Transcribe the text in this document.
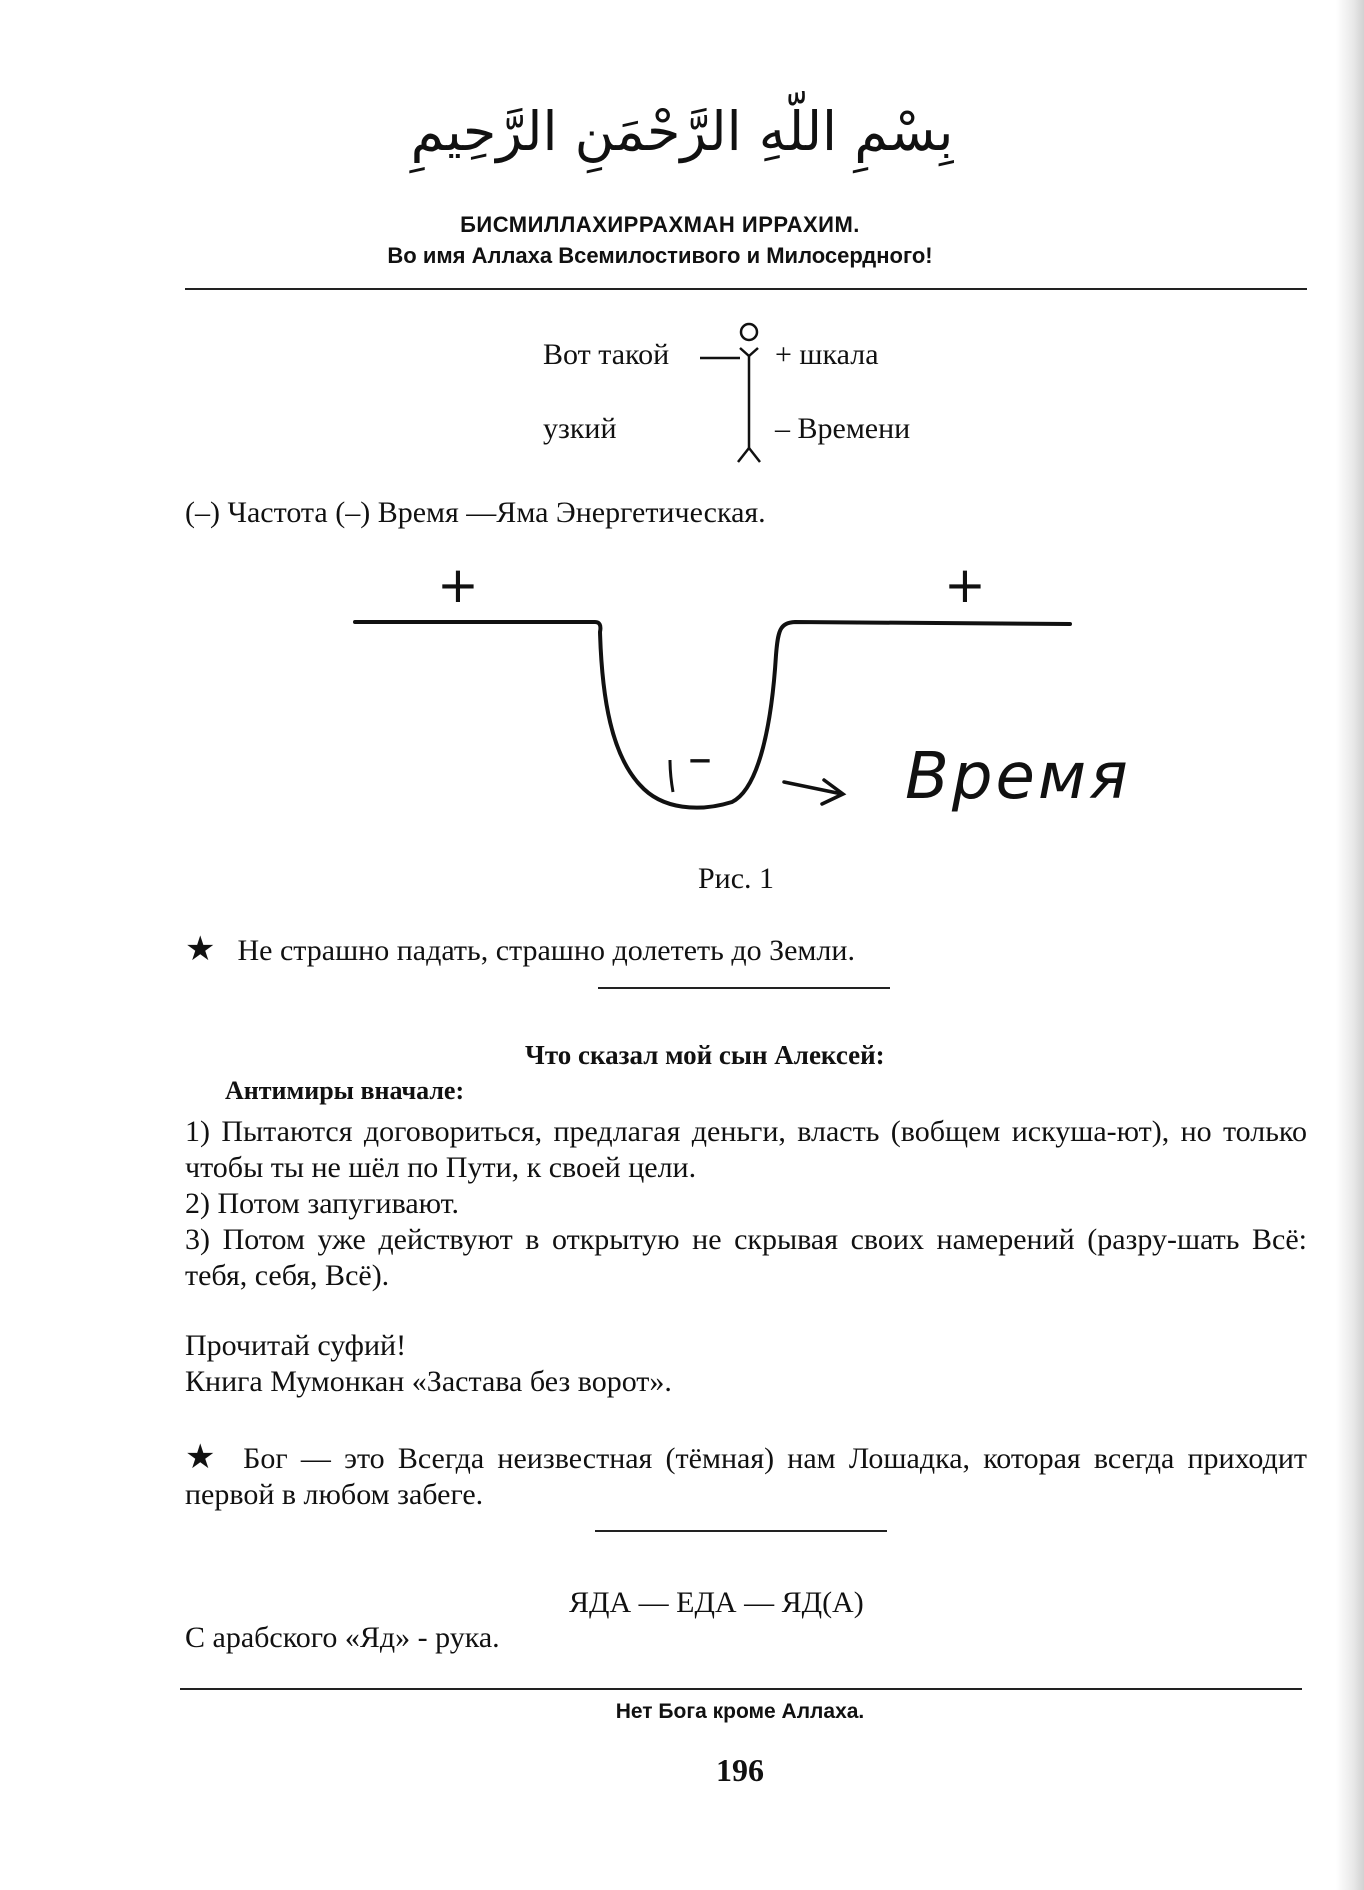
بِسْمِ اللّهِ الرَّحْمَنِ الرَّحِيمِ
БИСМИЛЛАХИРРАХМАН ИРРАХИМ.
Во имя Аллаха Всемилостивого и Милосердного!
Вот такой
узкий
+ шкала
– Времени
(–) Частота (–) Время —Яма Энергетическая.
+	+
–	Время
Рис. 1
★ Не страшно падать, страшно долететь до Земли.
Что сказал мой сын Алексей:
Антимиры вначале:
1) Пытаются договориться, предлагая деньги, власть (вобщем искуша-ют), но только чтобы ты не шёл по Пути, к своей цели.
2) Потом запугивают.
3) Потом уже действуют в открытую не скрывая своих намерений (разру-шать Всё: тебя, себя, Всё).
Прочитай суфий!
Книга Мумонкан «Застава без ворот».
★ Бог — это Всегда неизвестная (тёмная) нам Лошадка, которая всегда приходит первой в любом забеге.
ЯДА — ЕДА — ЯД(А)
С арабского «Яд» - рука.
Нет Бога кроме Аллаха.
196
